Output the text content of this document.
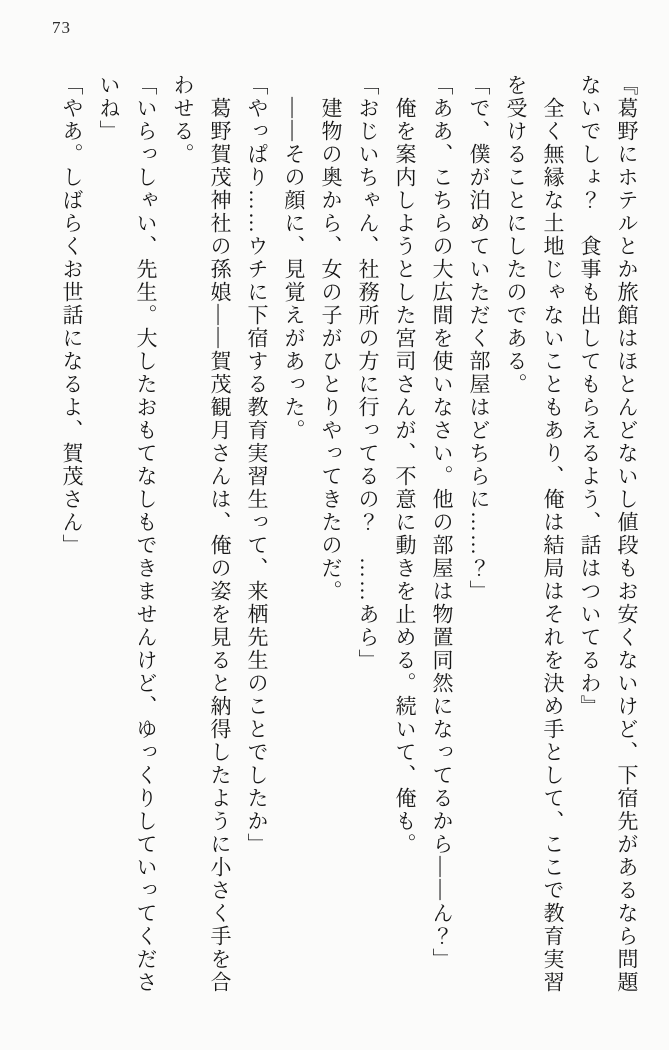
73

『葛野にホテルとか旅館はほとんどないし値段もお安くないけど、下宿先があるなら問題ないでしょ？　食事も出してもらえるよう、話はついてるわ』

　全く無縁な土地じゃないこともあり、俺は結局はそれを決め手として、ここで教育実習を受けることにしたのである。

「で、僕が泊めていただく部屋はどちらに……？」

「ああ、こちらの大広間を使いなさい。他の部屋は物置同然になってるから——ん？」

　俺を案内しようとした宮司さんが、不意に動きを止める。続いて、俺も。

「おじいちゃん、社務所の方に行ってるの？　……あら」

　建物の奥から、女の子がひとりやってきたのだ。

　——その顔に、見覚えがあった。

「やっぱり……ウチに下宿する教育実習生って、来栖先生のことでしたか」

　葛野賀茂神社の孫娘——賀茂観月さんは、俺の姿を見ると納得したように小さく手を合わせる。

「いらっしゃい、先生。大したおもてなしもできませんけど、ゆっくりしていってくださいね」

「やあ。しばらくお世話になるよ、賀茂さん」
